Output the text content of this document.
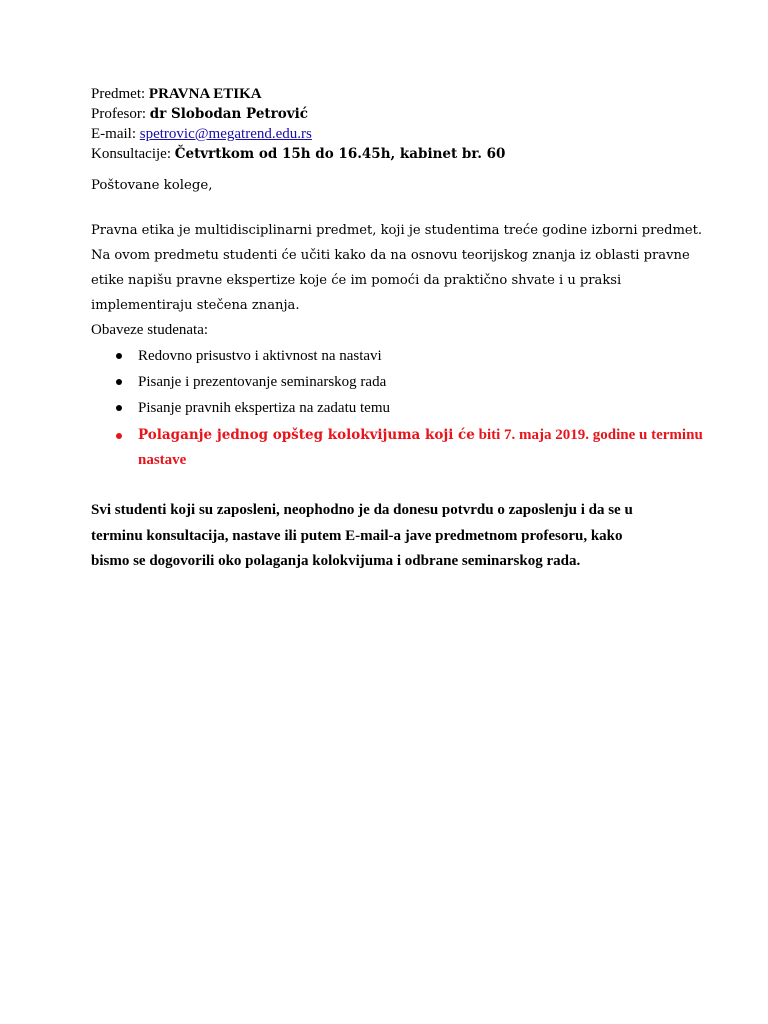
Predmet: PRAVNA ETIKA
Profesor: dr Slobodan Petrović
E-mail: spetrovic@megatrend.edu.rs
Konsultacije: Četvrtkom od 15h do 16.45h, kabinet br. 60
Poštovane kolege,
Pravna etika je multidisciplinarni predmet, koji je studentima treće godine izborni predmet.
Na ovom predmetu studenti će učiti kako da na osnovu teorijskog znanja iz oblasti pravne
etike napišu pravne ekspertize koje će im pomoći da praktično shvate i u praksi
implementiraju stečena znanja.
Obaveze studenata:
Redovno prisustvo i aktivnost na nastavi
Pisanje i prezentovanje seminarskog rada
Pisanje pravnih ekspertiza na zadatu temu
Polaganje jednog opšteg kolokvijuma koji će biti 7. maja 2019. godine u terminu
nastave
Svi studenti koji su zaposleni, neophodno je da donesu potvrdu o zaposlenju i da se u
terminu konsultacija, nastave ili putem E-mail-a jave predmetnom profesoru, kako
bismo se dogovorili oko polaganja kolokvijuma i odbrane seminarskog rada.
